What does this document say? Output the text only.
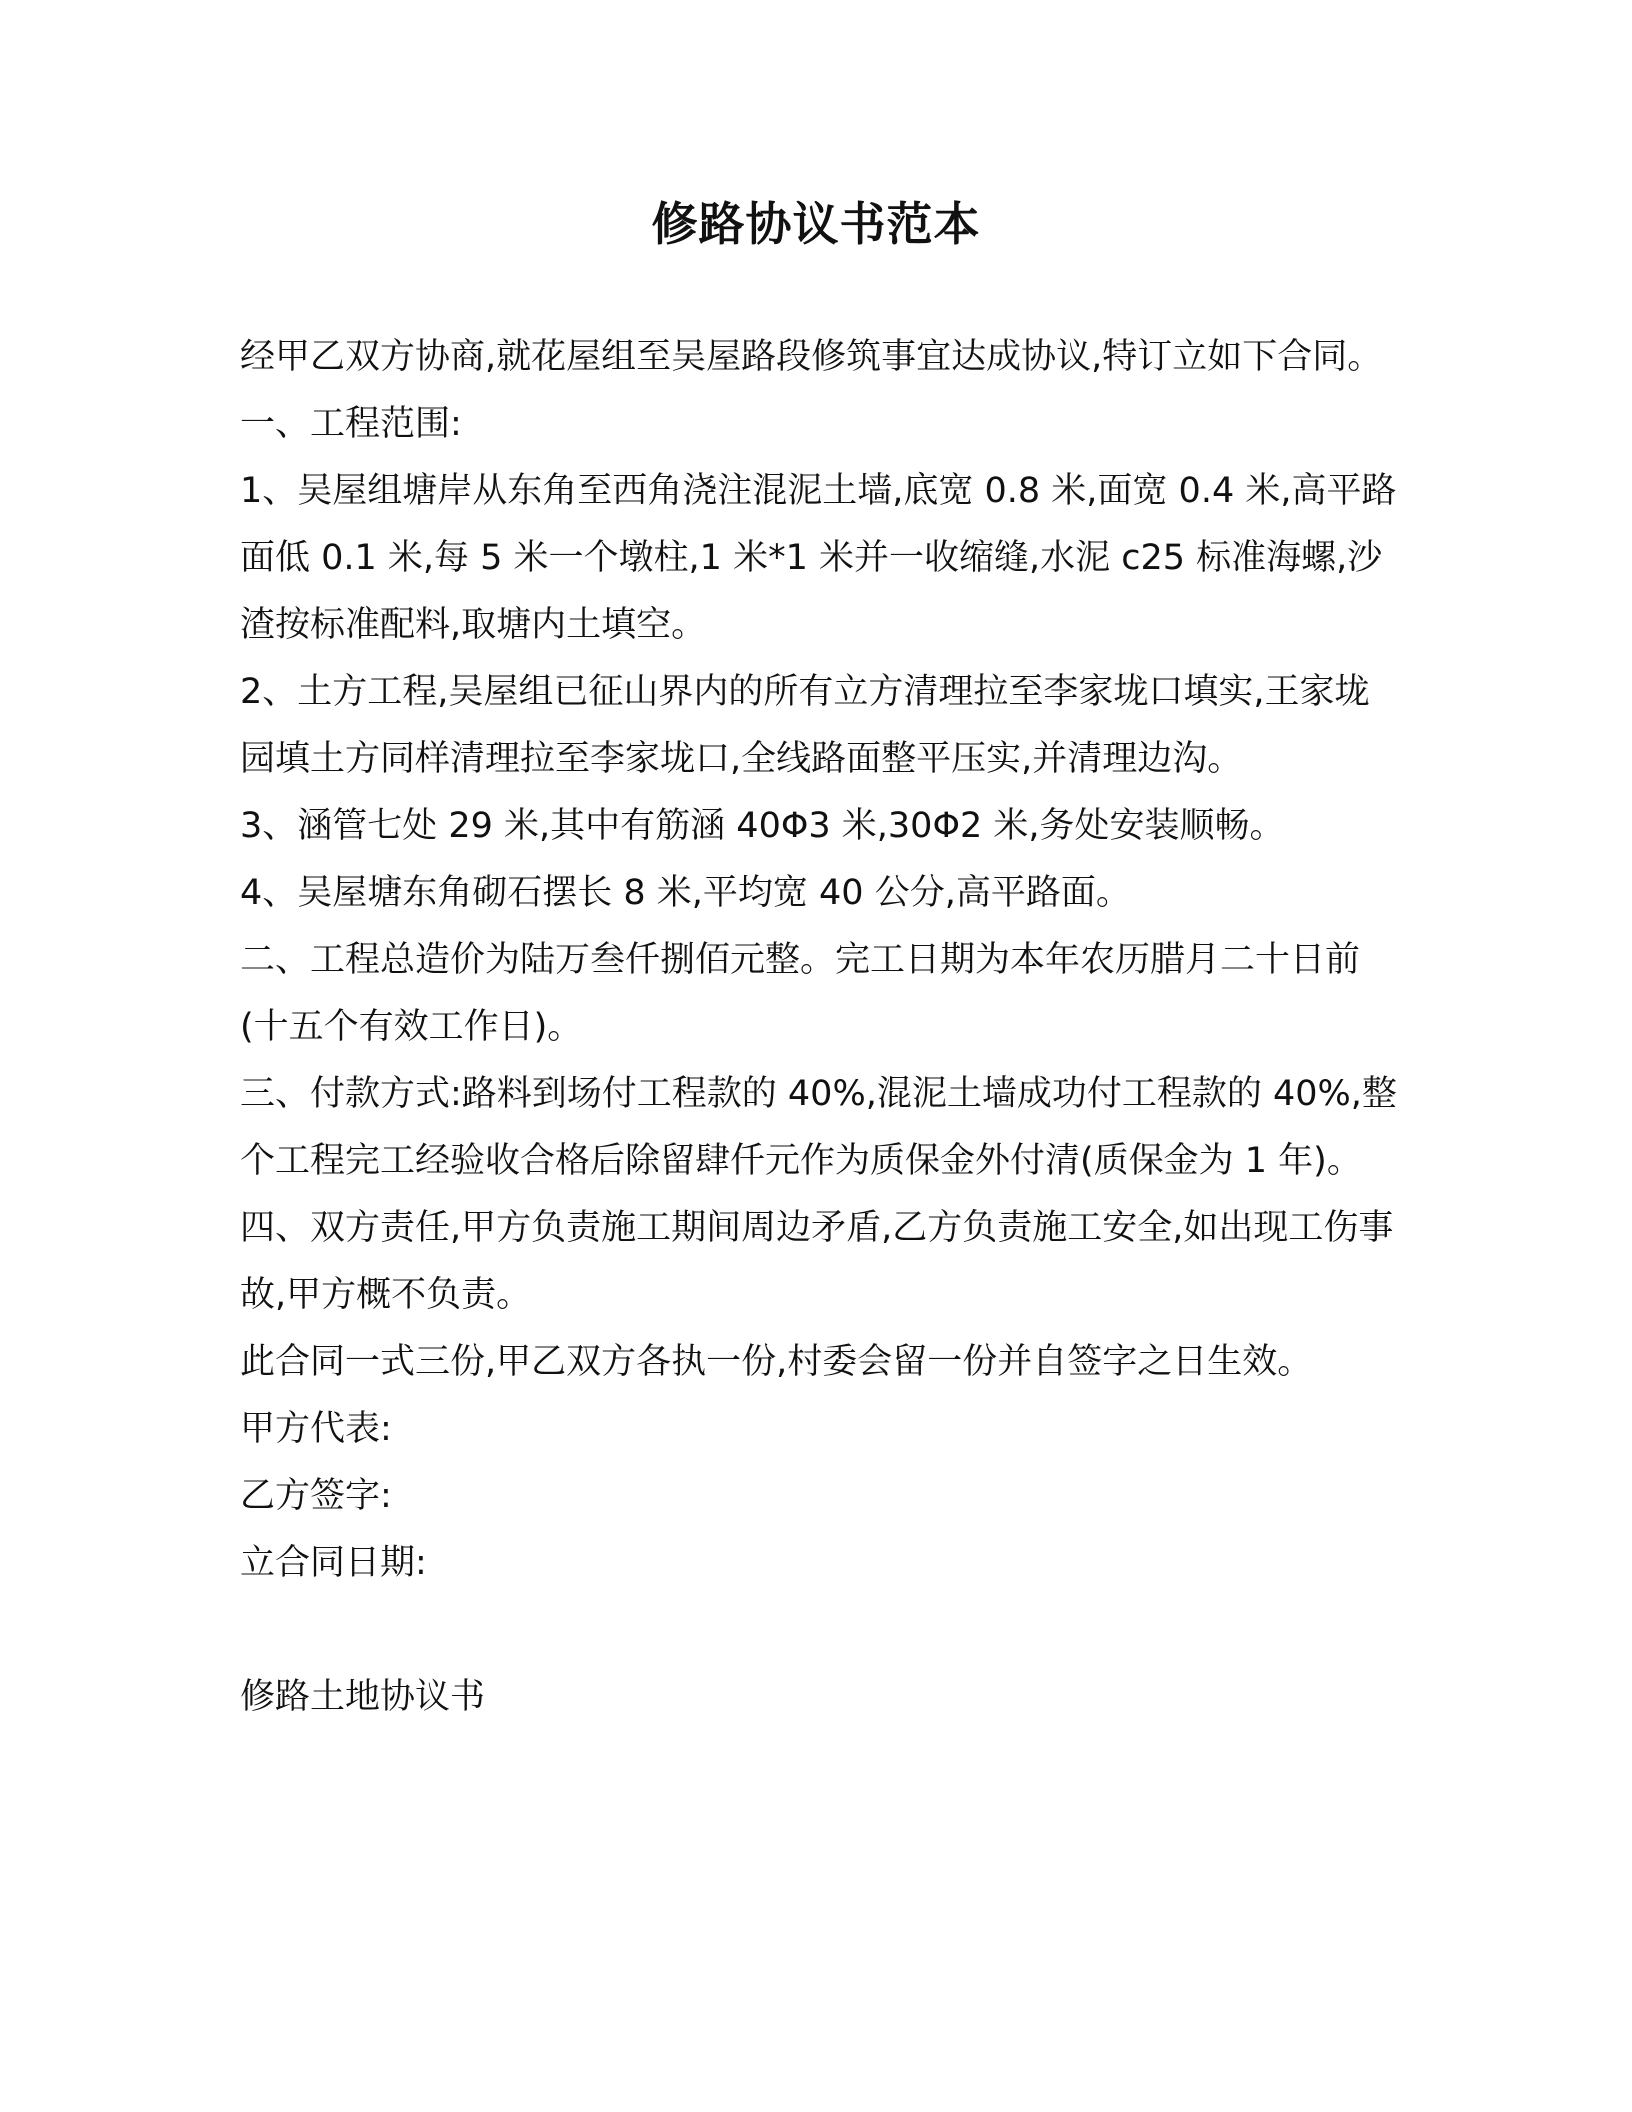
修路协议书范本

经甲乙双方协商,就花屋组至吴屋路段修筑事宜达成协议,特订立如下合同。

一、工程范围:

1、吴屋组塘岸从东角至西角浇注混泥土墙,底宽 0.8 米,面宽 0.4 米,高平路面低 0.1 米,每 5 米一个墩柱,1 米*1 米并一收缩缝,水泥 c25 标准海螺,沙渣按标准配料,取塘内土填空。

2、土方工程,吴屋组已征山界内的所有立方清理拉至李家垅口填实,王家垅园填土方同样清理拉至李家垅口,全线路面整平压实,并清理边沟。

3、涵管七处 29 米,其中有筋涵 40Φ3 米,30Φ2 米,务处安装顺畅。

4、吴屋塘东角砌石摆长 8 米,平均宽 40 公分,高平路面。

二、工程总造价为陆万叁仟捌佰元整。完工日期为本年农历腊月二十日前(十五个有效工作日)。

三、付款方式:路料到场付工程款的 40%,混泥土墙成功付工程款的 40%,整个工程完工经验收合格后除留肆仟元作为质保金外付清(质保金为 1 年)。

四、双方责任,甲方负责施工期间周边矛盾,乙方负责施工安全,如出现工伤事故,甲方概不负责。

此合同一式三份,甲乙双方各执一份,村委会留一份并自签字之日生效。

甲方代表:

乙方签字:

立合同日期:

修路土地协议书
